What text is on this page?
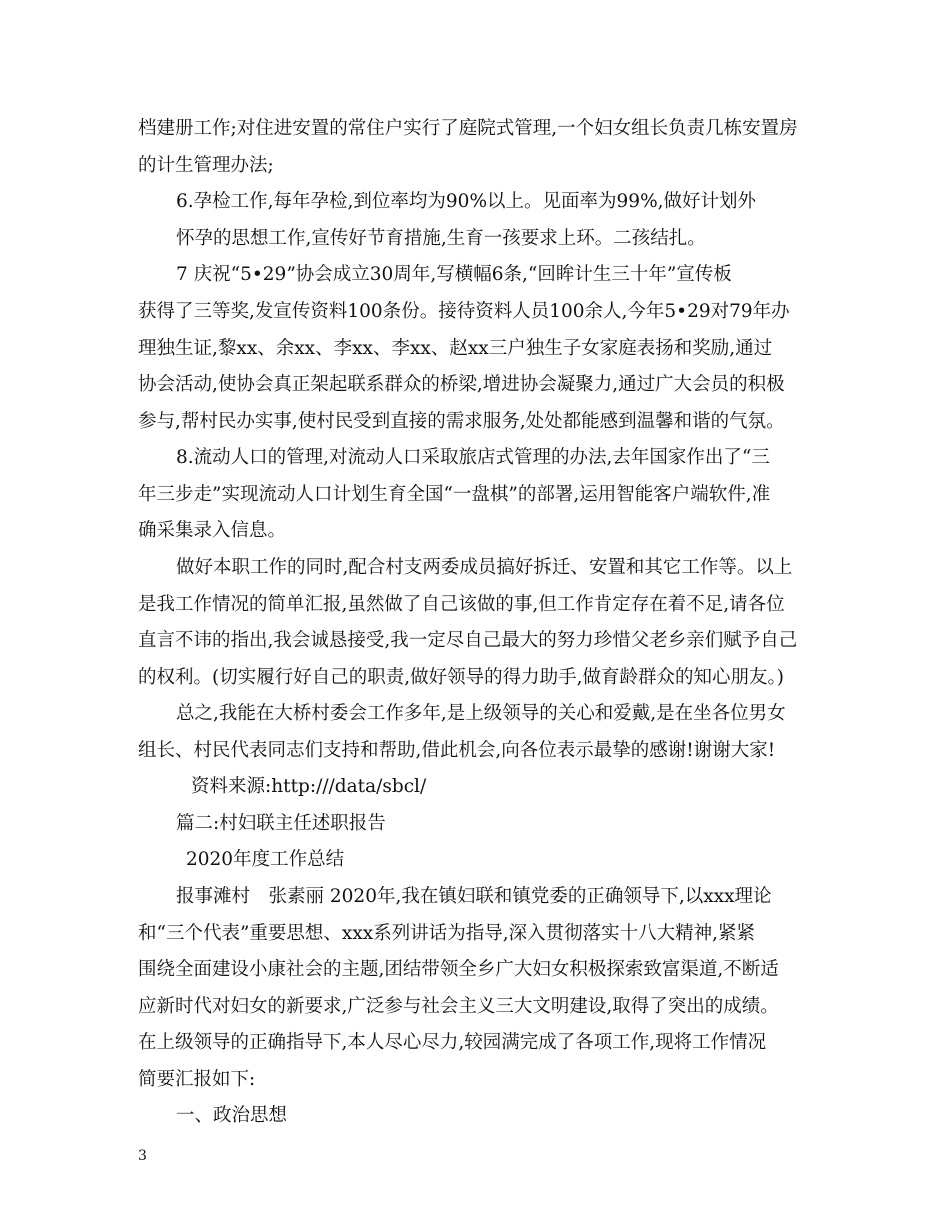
档建册工作;对住进安置的常住户实行了庭院式管理,一个妇女组长负责几栋安置房
的计生管理办法;
6.孕检工作,每年孕检,到位率均为90%以上。见面率为99%,做好计划外
怀孕的思想工作,宣传好节育措施,生育一孩要求上环。二孩结扎。
7 庆祝“5•29”协会成立30周年,写横幅6条,“回眸计生三十年”宣传板
获得了三等奖,发宣传资料100条份。接待资料人员100余人,今年5•29对79年办
理独生证,黎xx、余xx、李xx、李xx、赵xx三户独生子女家庭表扬和奖励,通过
协会活动,使协会真正架起联系群众的桥梁,增进协会凝聚力,通过广大会员的积极
参与,帮村民办实事,使村民受到直接的需求服务,处处都能感到温馨和谐的气氛。
8.流动人口的管理,对流动人口采取旅店式管理的办法,去年国家作出了“三
年三步走”实现流动人口计划生育全国“一盘棋”的部署,运用智能客户端软件,准
确采集录入信息。
做好本职工作的同时,配合村支两委成员搞好拆迁、安置和其它工作等。以上
是我工作情况的简单汇报,虽然做了自己该做的事,但工作肯定存在着不足,请各位
直言不讳的指出,我会诚恳接受,我一定尽自己最大的努力珍惜父老乡亲们赋予自己
的权利。(切实履行好自己的职责,做好领导的得力助手,做育龄群众的知心朋友。)
总之,我能在大桥村委会工作多年,是上级领导的关心和爱戴,是在坐各位男女
组长、村民代表同志们支持和帮助,借此机会,向各位表示最挚的感谢!谢谢大家!
资料来源:http:///data/sbcl/
篇二:村妇联主任述职报告
2020年度工作总结
报事滩村　张素丽 2020年,我在镇妇联和镇党委的正确领导下,以xxx理论
和“三个代表”重要思想、xxx系列讲话为指导,深入贯彻落实十八大精神,紧紧
围绕全面建设小康社会的主题,团结带领全乡广大妇女积极探索致富渠道,不断适
应新时代对妇女的新要求,广泛参与社会主义三大文明建设,取得了突出的成绩。
在上级领导的正确指导下,本人尽心尽力,较园满完成了各项工作,现将工作情况
简要汇报如下:
一、政治思想
3
